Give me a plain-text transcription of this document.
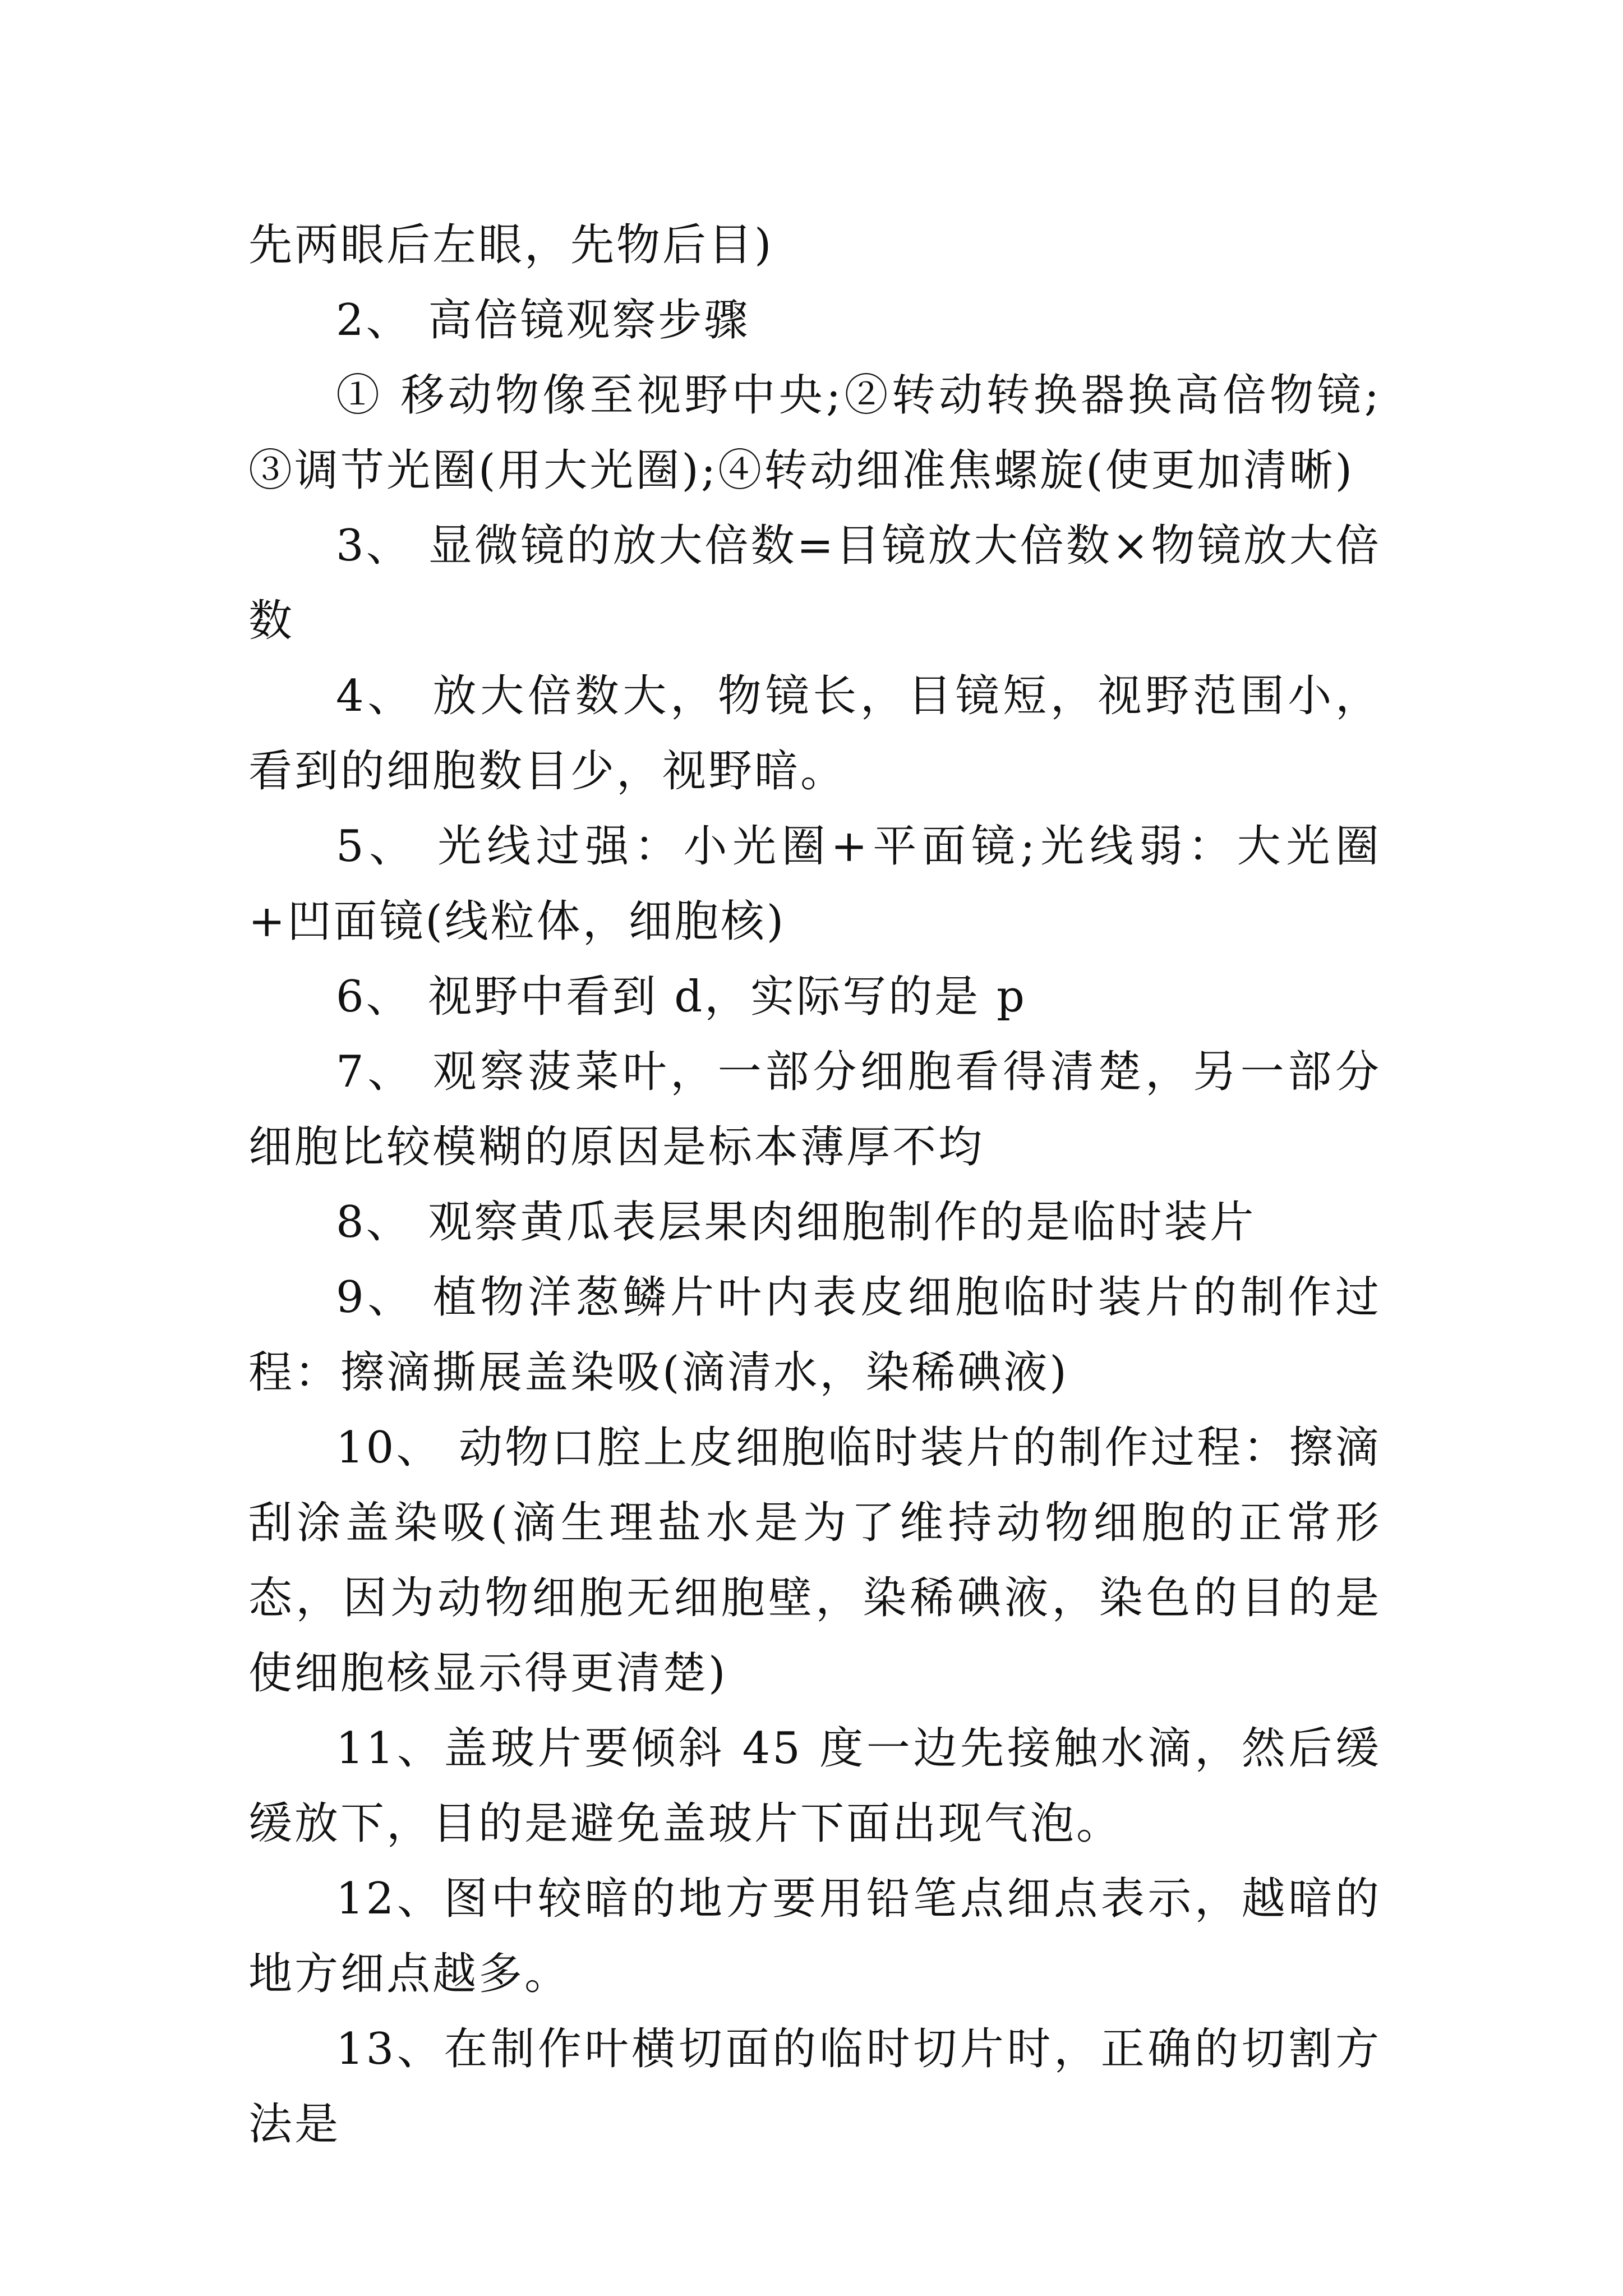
先两眼后左眼，先物后目)

2、 高倍镜观察步骤

① 移动物像至视野中央;②转动转换器换高倍物镜;③调节光圈(用大光圈);④转动细准焦螺旋(使更加清晰)

3、 显微镜的放大倍数=目镜放大倍数×物镜放大倍数

4、 放大倍数大，物镜长，目镜短，视野范围小，看到的细胞数目少，视野暗。

5、 光线过强：小光圈+平面镜;光线弱：大光圈+凹面镜(线粒体，细胞核)

6、 视野中看到 d，实际写的是 p

7、 观察菠菜叶，一部分细胞看得清楚，另一部分细胞比较模糊的原因是标本薄厚不均

8、 观察黄瓜表层果肉细胞制作的是临时装片

9、 植物洋葱鳞片叶内表皮细胞临时装片的制作过程：擦滴撕展盖染吸(滴清水，染稀碘液)

10、 动物口腔上皮细胞临时装片的制作过程：擦滴刮涂盖染吸(滴生理盐水是为了维持动物细胞的正常形态，因为动物细胞无细胞壁，染稀碘液，染色的目的是使细胞核显示得更清楚)

11、盖玻片要倾斜 45 度一边先接触水滴，然后缓缓放下，目的是避免盖玻片下面出现气泡。

12、图中较暗的地方要用铅笔点细点表示，越暗的地方细点越多。

13、在制作叶横切面的临时切片时，正确的切割方法是
